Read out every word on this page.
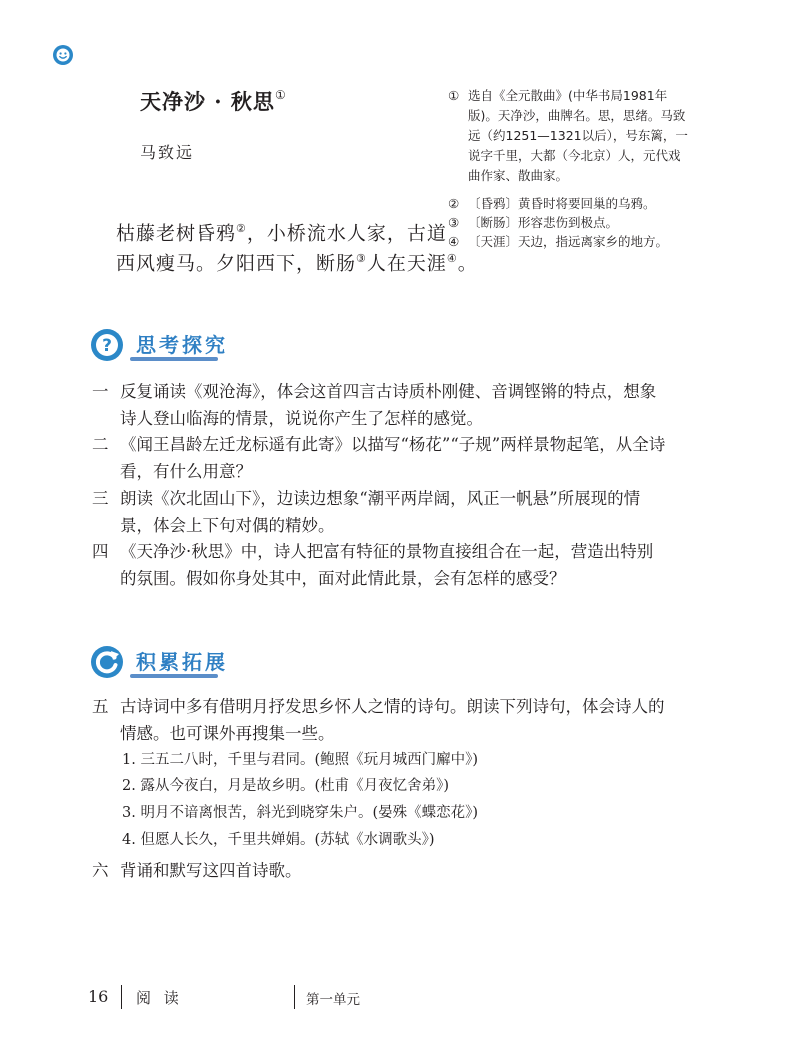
天净沙 · 秋思①
马致远
枯藤老树昏鸦②，小桥流水人家，古道
西风瘦马。夕阳西下，断肠③人在天涯④。
① 选自《全元散曲》(中华书局1981年版)。天净沙，曲牌名。思，思绪。马致远（约1251—1321以后），号东篱，一说字千里，大都（今北京）人，元代戏曲作家、散曲家。
② 〔昏鸦〕黄昏时将要回巢的乌鸦。
③ 〔断肠〕形容悲伤到极点。
④ 〔天涯〕天边，指远离家乡的地方。
? 思考探究
一 反复诵读《观沧海》，体会这首四言古诗质朴刚健、音调铿锵的特点，想象诗人登山临海的情景，说说你产生了怎样的感觉。
二 《闻王昌龄左迁龙标遥有此寄》以描写“杨花”“子规”两样景物起笔，从全诗看，有什么用意？
三 朗读《次北固山下》，边读边想象“潮平两岸阔，风正一帆悬”所展现的情景，体会上下句对偶的精妙。
四 《天净沙·秋思》中，诗人把富有特征的景物直接组合在一起，营造出特别的氛围。假如你身处其中，面对此情此景，会有怎样的感受？
积累拓展
五 古诗词中多有借明月抒发思乡怀人之情的诗句。朗读下列诗句，体会诗人的情感。也可课外再搜集一些。
1. 三五二八时，千里与君同。(鲍照《玩月城西门廨中》)
2. 露从今夜白，月是故乡明。(杜甫《月夜忆舍弟》)
3. 明月不谙离恨苦，斜光到晓穿朱户。(晏殊《蝶恋花》)
4. 但愿人长久，千里共婵娟。(苏轼《水调歌头》)
六 背诵和默写这四首诗歌。
16 阅 读	第一单元
